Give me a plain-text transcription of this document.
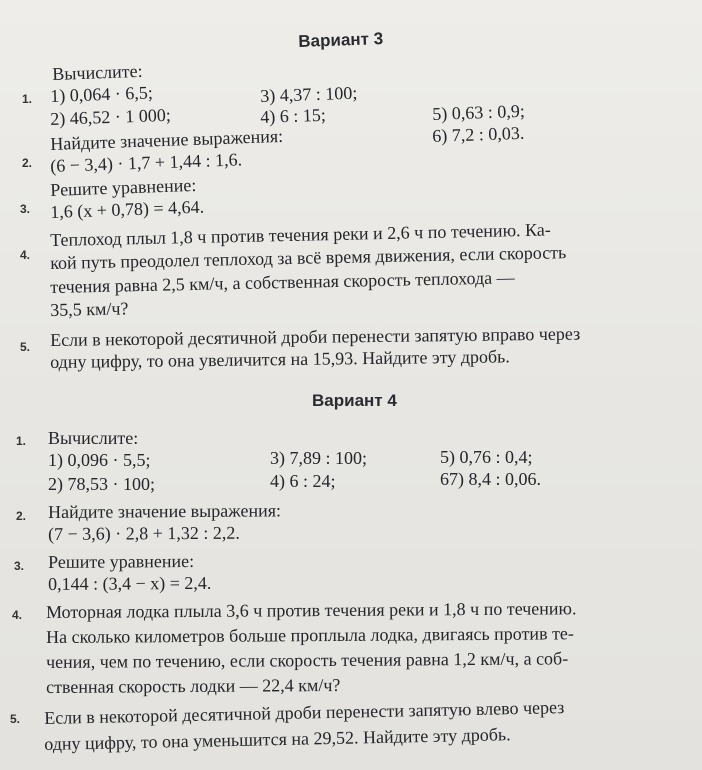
Вариант 3
1.
Вычислите:
1) 0,064 · 6,5;
2) 46,52 · 1 000;
3) 4,37 : 100;
4) 6 : 15;	5) 0,63 : 0,9;
6) 7,2 : 0,03.
2.
Найдите значение выражения:
(6 − 3,4) · 1,7 + 1,44 : 1,6.
3.
Решите уравнение:
1,6 (x + 0,78) = 4,64.
4.
Теплоход плыл 1,8 ч против течения реки и 2,6 ч по течению. Ка-
кой путь преодолел теплоход за всё время движения, если скорость
течения равна 2,5 км/ч, а собственная скорость теплохода —
35,5 км/ч?
5. Если в некоторой десятичной дроби перенести запятую вправо через
одну цифру, то она увеличится на 15,93. Найдите эту дробь.
Вариант 4
1. Вычислите:
1) 0,096 · 5,5;
2) 78,53 · 100;
3) 7,89 : 100;
4) 6 : 24;
5) 0,76 : 0,4;
67) 8,4 : 0,06.
2. Найдите значение выражения:
(7 − 3,6) · 2,8 + 1,32 : 2,2.
3. Решите уравнение:
0,144 : (3,4 − x) = 2,4.
4. Моторная лодка плыла 3,6 ч против течения реки и 1,8 ч по течению.
На сколько километров больше проплыла лодка, двигаясь против те-
чения, чем по течению, если скорость течения равна 1,2 км/ч, а соб-
ственная скорость лодки — 22,4 км/ч?
5. Если в некоторой десятичной дроби перенести запятую влево через
одну цифру, то она уменьшится на 29,52. Найдите эту дробь.
